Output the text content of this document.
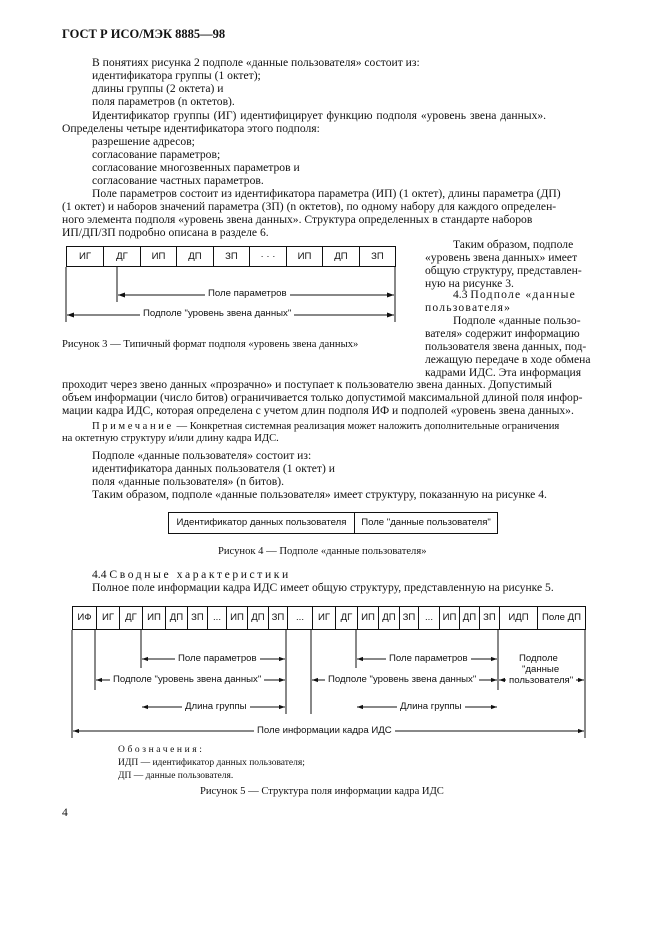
ГОСТ Р ИСО/МЭК 8885—98

В понятиях рисунка 2 подполе «данные пользователя» состоит из:

идентификатора группы (1 октет);

длины группы (2 октета) и

поля параметров (n октетов).

Идентификатор группы (ИГ) идентифицирует функцию подполя «уровень звена данных».

Определены четыре идентификатора этого подполя:

разрешение адресов;

согласование параметров;

согласование многозвенных параметров и

согласование частных параметров.

Поле параметров состоит из идентификатора параметра (ИП) (1 октет), длины параметра (ДП)

(1 октет) и наборов значений параметра (ЗП) (n октетов), по одному набору для каждого определен-

ного элемента подполя «уровень звена данных». Структура определенных в стандарте наборов

ИП/ДП/ЗП подробно описана в разделе 6.

ИГ	ДГ	ИП	ДП	ЗП	· · ·	ИП	ДП	ЗП
Поле параметров
Подполе "уровень звена данных"

Рисунок 3 — Типичный формат подполя «уровень звена данных»

Таким образом, подполе

«уровень звена данных» имеет

общую структуру, представлен-

ную на рисунке 3.

4.3 Подполе «данные

пользователя»

Подполе «данные пользо-

вателя» содержит информацию

пользователя звена данных, под-

лежащую передаче в ходе обмена

кадрами ИДС. Эта информация

проходит через звено данных «прозрачно» и поступает к пользователю звена данных. Допустимый

объем информации (число битов) ограничивается только допустимой максимальной длиной поля инфор-

мации кадра ИДС, которая определена с учетом длин подполя ИФ и подполей «уровень звена данных».

Примечание — Конкретная системная реализация может наложить дополнительные ограничения

на октетную структуру и/или длину кадра ИДС.

Подполе «данные пользователя» состоит из:

идентификатора данных пользователя (1 октет) и

поля «данные пользователя» (n битов).

Таким образом, подполе «данные пользователя» имеет структуру, показанную на рисунке 4.

Идентификатор данных пользователя	Поле "данные пользователя"

Рисунок 4 — Подполе «данные пользователя»

4.4 Сводные характеристики

Полное поле информации кадра ИДС имеет общую структуру, представленную на рисунке 5.

ИФ	ИГ	ДГ	ИП ДП ЗП ... ИП ДП ЗП	...	ИГ	ДГ ИП ДП ЗП	... ИП ДП ЗП	ИДП	Поле ДП
Поле параметров
Подполе "уровень звена данных"
Длина группы
Поле параметров
Подполе "уровень звена данных"
Длина группы
Подполе
"данные
пользователя"
Поле информации кадра ИДС

Обозначения:

ИДП — идентификатор данных пользователя;

ДП — данные пользователя.

Рисунок 5 — Структура поля информации кадра ИДС

4
